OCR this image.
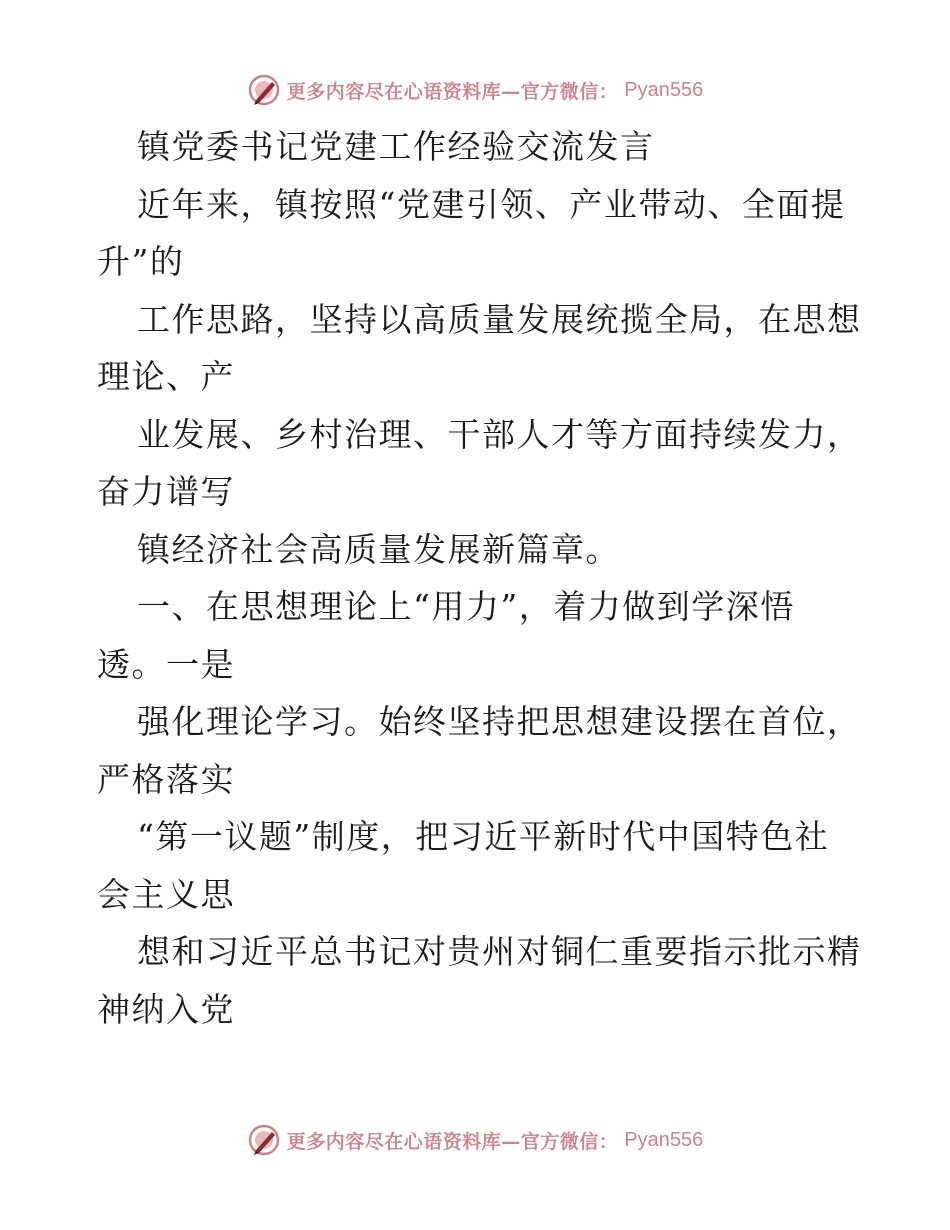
更多内容尽在心语资料库—官方微信： Pyan556
镇党委书记党建工作经验交流发言
近年来，镇按照“党建引领、产业带动、全面提
升”的
工作思路，坚持以高质量发展统揽全局，在思想
理论、产
业发展、乡村治理、干部人才等方面持续发力，
奋力谱写
镇经济社会高质量发展新篇章。
一、在思想理论上“用力”，着力做到学深悟
透。一是
强化理论学习。始终坚持把思想建设摆在首位，
严格落实
“第一议题”制度，把习近平新时代中国特色社
会主义思
想和习近平总书记对贵州对铜仁重要指示批示精
神纳入党
更多内容尽在心语资料库—官方微信： Pyan556
